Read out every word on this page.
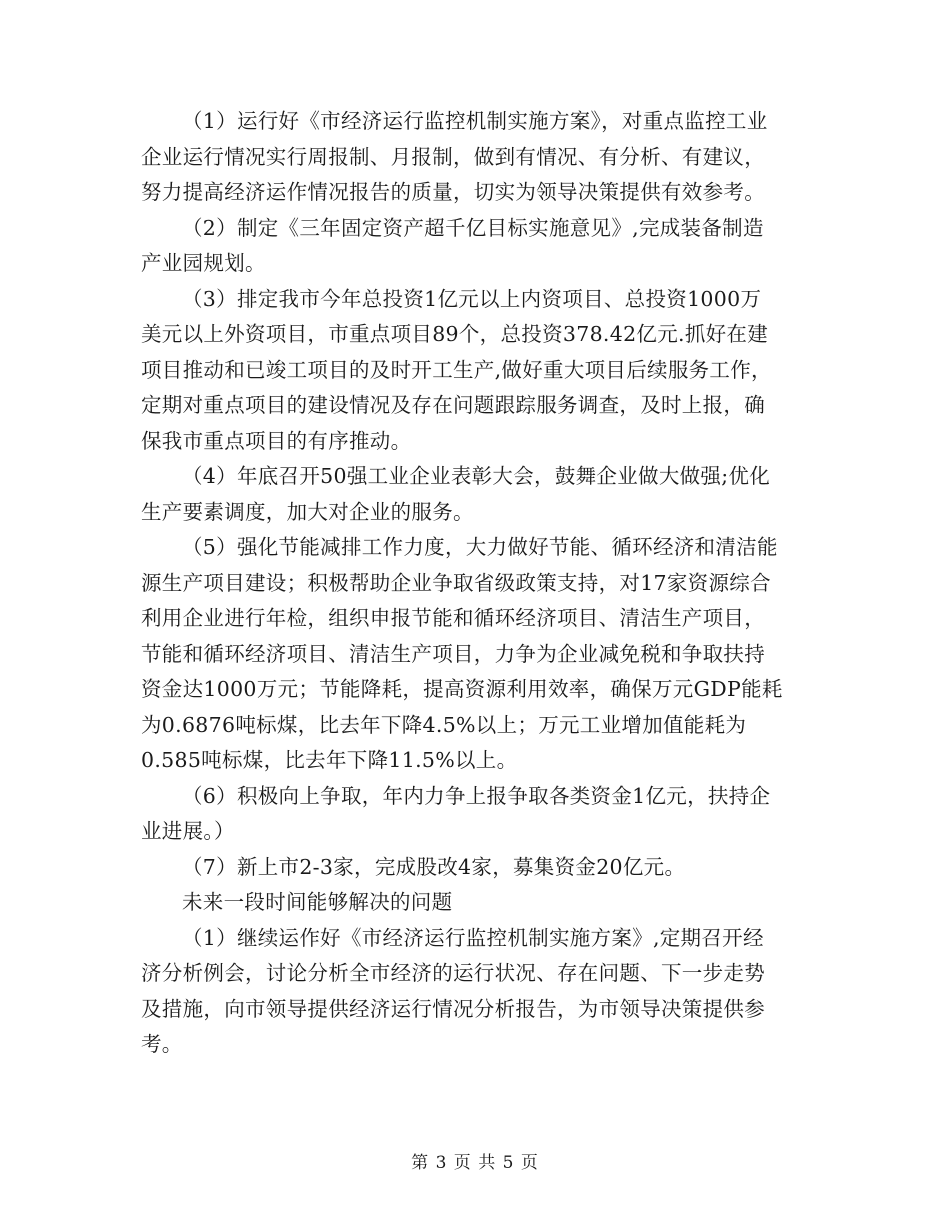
（1）运行好《市经济运行监控机制实施方案》，对重点监控工业
企业运行情况实行周报制、月报制，做到有情况、有分析、有建议，
努力提高经济运作情况报告的质量，切实为领导决策提供有效参考。

（2）制定《三年固定资产超千亿目标实施意见》,完成装备制造
产业园规划。

（3）排定我市今年总投资1亿元以上内资项目、总投资1000万
美元以上外资项目，市重点项目89个，总投资378.42亿元.抓好在建
项目推动和已竣工项目的及时开工生产,做好重大项目后续服务工作，
定期对重点项目的建设情况及存在问题跟踪服务调查，及时上报，确
保我市重点项目的有序推动。

（4）年底召开50强工业企业表彰大会，鼓舞企业做大做强;优化
生产要素调度，加大对企业的服务。

（5）强化节能减排工作力度，大力做好节能、循环经济和清洁能
源生产项目建设；积极帮助企业争取省级政策支持，对17家资源综合
利用企业进行年检，组织申报节能和循环经济项目、清洁生产项目，
节能和循环经济项目、清洁生产项目，力争为企业减免税和争取扶持
资金达1000万元；节能降耗，提高资源利用效率，确保万元GDP能耗
为0.6876吨标煤，比去年下降4.5%以上；万元工业增加值能耗为
0.585吨标煤，比去年下降11.5%以上。

（6）积极向上争取，年内力争上报争取各类资金1亿元，扶持企
业进展。）

（7）新上市2-3家，完成股改4家，募集资金20亿元。

未来一段时间能够解决的问题

（1）继续运作好《市经济运行监控机制实施方案》,定期召开经
济分析例会，讨论分析全市经济的运行状况、存在问题、下一步走势
及措施，向市领导提供经济运行情况分析报告，为市领导决策提供参
考。

第 3 页 共 5 页
